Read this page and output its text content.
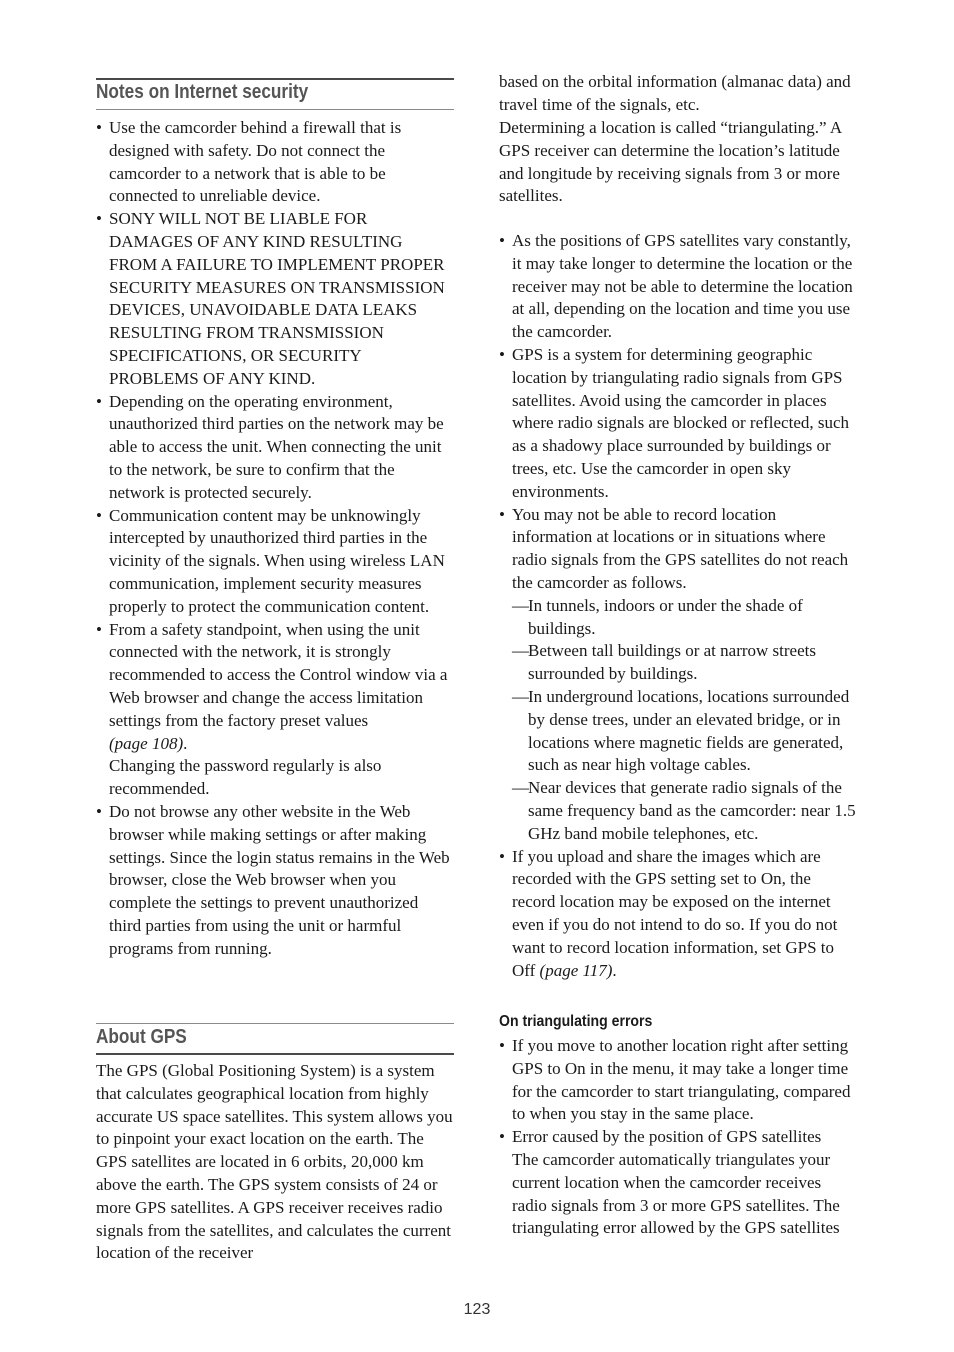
Notes on Internet security
• Use the camcorder behind a firewall that is designed with safety. Do not connect the camcorder to a network that is able to be connected to unreliable device.
• SONY WILL NOT BE LIABLE FOR DAMAGES OF ANY KIND RESULTING FROM A FAILURE TO IMPLEMENT PROPER SECURITY MEASURES ON TRANSMISSION DEVICES, UNAVOIDABLE DATA LEAKS RESULTING FROM TRANSMISSION SPECIFICATIONS, OR SECURITY PROBLEMS OF ANY KIND.
• Depending on the operating environment, unauthorized third parties on the network may be able to access the unit. When connecting the unit to the network, be sure to confirm that the network is protected securely.
• Communication content may be unknowingly intercepted by unauthorized third parties in the vicinity of the signals. When using wireless LAN communication, implement security measures properly to protect the communication content.
• From a safety standpoint, when using the unit connected with the network, it is strongly recommended to access the Control window via a Web browser and change the access limitation settings from the factory preset values
(page 108).
Changing the password regularly is also recommended.
• Do not browse any other website in the Web browser while making settings or after making settings. Since the login status remains in the Web browser, close the Web browser when you complete the settings to prevent unauthorized third parties from using the unit or harmful programs from running.
About GPS

The GPS (Global Positioning System) is a system that calculates geographical location from highly accurate US space satellites. This system allows you to pinpoint your exact location on the earth. The GPS satellites are located in 6 orbits, 20,000 km above the earth. The GPS system consists of 24 or more GPS satellites. A GPS receiver receives radio signals from the satellites, and calculates the current location of the receiver

based on the orbital information (almanac data) and travel time of the signals, etc.

Determining a location is called “triangulating.” A GPS receiver can determine the location’s latitude and longitude by receiving signals from 3 or more satellites.

• As the positions of GPS satellites vary constantly, it may take longer to determine the location or the receiver may not be able to determine the location at all, depending on the location and time you use the camcorder.
• GPS is a system for determining geographic location by triangulating radio signals from GPS satellites. Avoid using the camcorder in places where radio signals are blocked or reflected, such as a shadowy place surrounded by buildings or trees, etc. Use the camcorder in open sky environments.
• You may not be able to record location information at locations or in situations where radio signals from the GPS satellites do not reach the camcorder as follows.
— In tunnels, indoors or under the shade of buildings.
— Between tall buildings or at narrow streets surrounded by buildings.
— In underground locations, locations surrounded by dense trees, under an elevated bridge, or in locations where magnetic fields are generated, such as near high voltage cables.
— Near devices that generate radio signals of the same frequency band as the camcorder: near 1.5 GHz band mobile telephones, etc.
• If you upload and share the images which are recorded with the GPS setting set to On, the record location may be exposed on the internet even if you do not intend to do so. If you do not want to record location information, set GPS to Off (page 117).
On triangulating errors
• If you move to another location right after setting GPS to On in the menu, it may take a longer time for the camcorder to start triangulating, compared to when you stay in the same place.
• Error caused by the position of GPS satellites
The camcorder automatically triangulates your current location when the camcorder receives radio signals from 3 or more GPS satellites. The triangulating error allowed by the GPS satellites
123
